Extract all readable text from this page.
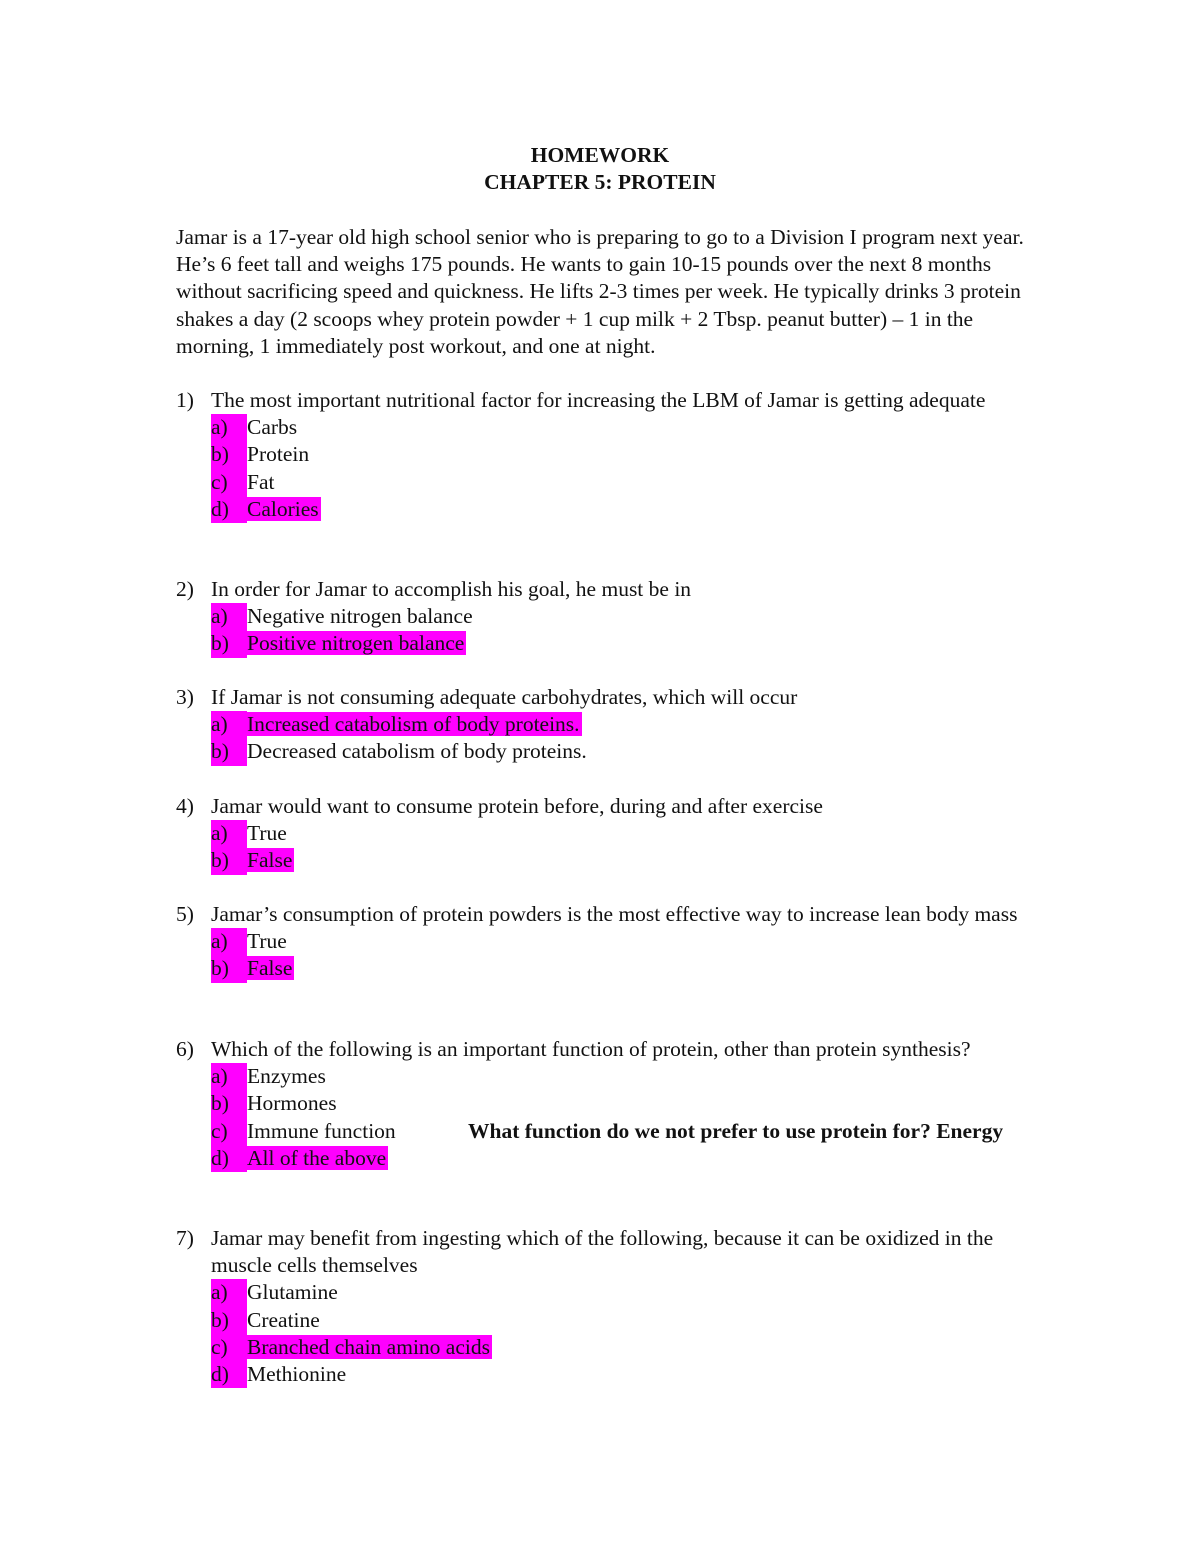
HOMEWORK
CHAPTER 5: PROTEIN
Jamar is a 17-year old high school senior who is preparing to go to a Division I program next year. He’s 6 feet tall and weighs 175 pounds. He wants to gain 10-15 pounds over the next 8 months without sacrificing speed and quickness. He lifts 2-3 times per week. He typically drinks 3 protein shakes a day (2 scoops whey protein powder + 1 cup milk + 2 Tbsp. peanut butter) – 1 in the morning, 1 immediately post workout, and one at night.
1) The most important nutritional factor for increasing the LBM of Jamar is getting adequate
a) Carbs
b) Protein
c) Fat
d) Calories
2) In order for Jamar to accomplish his goal, he must be in
a) Negative nitrogen balance
b) Positive nitrogen balance
3) If Jamar is not consuming adequate carbohydrates, which will occur
a) Increased catabolism of body proteins.
b) Decreased catabolism of body proteins.
4) Jamar would want to consume protein before, during and after exercise
a) True
b) False
5) Jamar’s consumption of protein powders is the most effective way to increase lean body mass
a) True
b) False
6) Which of the following is an important function of protein, other than protein synthesis?
a) Enzymes
b) Hormones
c) Immune function	What function do we not prefer to use protein for? Energy
d) All of the above
7) Jamar may benefit from ingesting which of the following, because it can be oxidized in the muscle cells themselves
a) Glutamine
b) Creatine
c) Branched chain amino acids
d) Methionine
